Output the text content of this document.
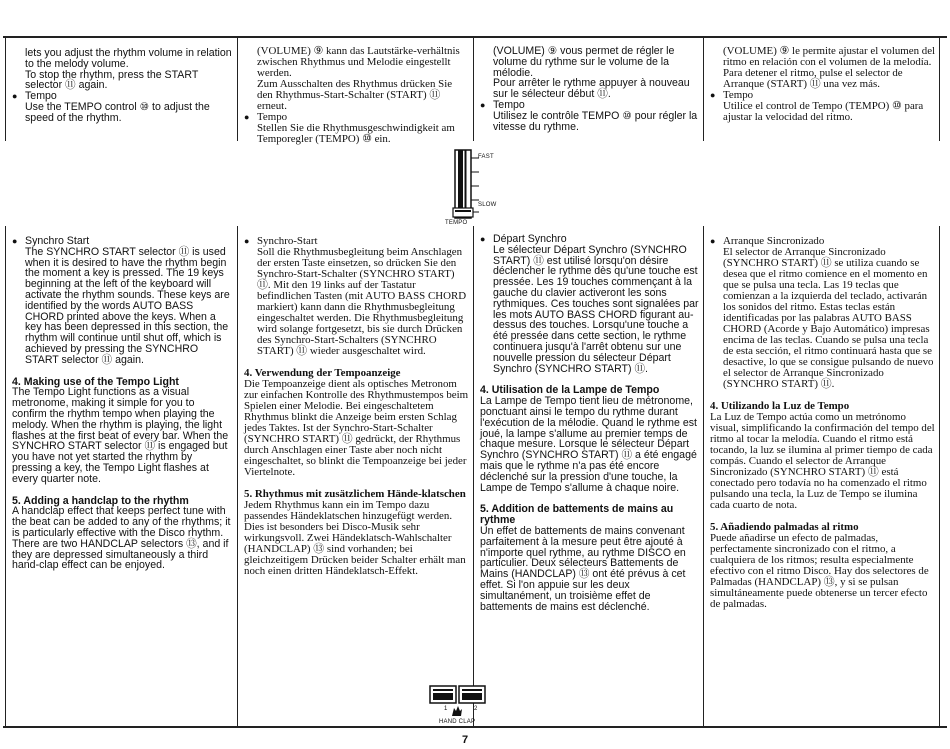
lets you adjust the rhythm volume in relation to the melody volume.
To stop the rhythm, press the START selector ⑪ again.
● Tempo
Use the TEMPO control ⑩ to adjust the speed of the rhythm.
● Synchro Start
The SYNCHRO START selector ⑪ is used when it is desired to have the rhythm begin the moment a key is pressed. The 19 keys beginning at the left of the keyboard will activate the rhythm sounds. These keys are identified by the words AUTO BASS CHORD printed above the keys. When a key has been depressed in this section, the rhythm will continue until shut off, which is achieved by pressing the SYNCHRO START selector ⑪ again.
4. Making use of the Tempo Light
The Tempo Light functions as a visual metronome, making it simple for you to confirm the rhythm tempo when playing the melody. When the rhythm is playing, the light flashes at the first beat of every bar. When the SYNCHRO START selector ⑪ is engaged but you have not yet started the rhythm by pressing a key, the Tempo Light flashes at every quarter note.
5. Adding a handclap to the rhythm
A handclap effect that keeps perfect tune with the beat can be added to any of the rhythms; it is particularly effective with the Disco rhythm. There are two HANDCLAP selectors ⑬, and if they are depressed simultaneously a third hand-clap effect can be enjoyed.
(VOLUME) ⑨ kann das Lautstärke-verhältnis zwischen Rhythmus und Melodie eingestellt werden.
Zum Ausschalten des Rhythmus drücken Sie den Rhythmus-Start-Schalter (START) ⑪ erneut.
● Tempo
Stellen Sie die Rhythmusgeschwindigkeit am Temporegler (TEMPO) ⑩ ein.
● Synchro-Start
Soll die Rhythmusbegleitung beim Anschlagen der ersten Taste einsetzen, so drücken Sie den Synchro-Start-Schalter (SYNCHRO START) ⑪. Mit den 19 links auf der Tastatur befindlichen Tasten (mit AUTO BASS CHORD markiert) kann dann die Rhythmusbegleitung eingeschaltet werden. Die Rhythmusbegleitung wird solange fortgesetzt, bis sie durch Drücken des Synchro-Start-Schalters (SYNCHRO START) ⑪ wieder ausgeschaltet wird.
4. Verwendung der Tempoanzeige
Die Tempoanzeige dient als optisches Metronom zur einfachen Kontrolle des Rhythmustempos beim Spielen einer Melodie. Bei eingeschaltetem Rhythmus blinkt die Anzeige beim ersten Schlag jedes Taktes. Ist der Synchro-Start-Schalter (SYNCHRO START) ⑪ gedrückt, der Rhythmus durch Anschlagen einer Taste aber noch nicht eingeschaltet, so blinkt die Tempoanzeige bei jeder Viertelnote.
5. Rhythmus mit zusätzlichem Hände-klatschen
Jedem Rhythmus kann ein im Tempo dazu passendes Händeklatschen hinzugefügt werden. Dies ist besonders bei Disco-Musik sehr wirkungsvoll. Zwei Händeklatsch-Wahlschalter (HANDCLAP) ⑬ sind vorhanden; bei gleichzeitigem Drücken beider Schalter erhält man noch einen dritten Händeklatsch-Effekt.
(VOLUME) ⑨ vous permet de régler le volume du rythme sur le volume de la mélodie.
Pour arrêter le rythme appuyer à nouveau sur le sélecteur début ⑪.
● Tempo
Utilisez le contrôle TEMPO ⑩ pour régler la vitesse du rythme.
● Départ Synchro
Le sélecteur Départ Synchro (SYNCHRO START) ⑪ est utilisé lorsqu'on désire déclencher le rythme dès qu'une touche est pressée. Les 19 touches commençant à la gauche du clavier activeront les sons rythmiques. Ces touches sont signalées par les mots AUTO BASS CHORD figurant au-dessus des touches. Lorsqu'une touche a été pressée dans cette section, le rythme continuera jusqu'à l'arrêt obtenu sur une nouvelle pression du sélecteur Départ Synchro (SYNCHRO START) ⑪.
4. Utilisation de la Lampe de Tempo
La Lampe de Tempo tient lieu de métronome, ponctuant ainsi le tempo du rythme durant l'exécution de la mélodie. Quand le rythme est joué, la lampe s'allume au premier temps de chaque mesure. Lorsque le sélecteur Départ Synchro (SYNCHRO START) ⑪ a été engagé mais que le rythme n'a pas été encore déclenché sur la pression d'une touche, la Lampe de Tempo s'allume à chaque noire.
5. Addition de battements de mains au rythme
Un effet de battements de mains convenant parfaitement à la mesure peut être ajouté à n'importe quel rythme, au rythme DISCO en particulier. Deux sélecteurs Battements de Mains (HANDCLAP) ⑬ ont été prévus à cet effet. Si l'on appuie sur les deux simultanément, un troisième effet de battements de mains est déclenché.
(VOLUME) ⑨ le permite ajustar el volumen del ritmo en relación con el volumen de la melodía.
Para detener el ritmo, pulse el selector de Arranque (START) ⑪ una vez más.
● Tempo
Utilice el control de Tempo (TEMPO) ⑩ para ajustar la velocidad del ritmo.
● Arranque Sincronizado
El selector de Arranque Sincronizado (SYNCHRO START) ⑪ se utiliza cuando se desea que el ritmo comience en el momento en que se pulsa una tecla. Las 19 teclas que comienzan a la izquierda del teclado, activarán los sonidos del ritmo. Estas teclas están identificadas por las palabras AUTO BASS CHORD (Acorde y Bajo Automático) impresas encima de las teclas. Cuando se pulsa una tecla de esta sección, el ritmo continuará hasta que se desactive, lo que se consigue pulsando de nuevo el selector de Arranque Sincronizado (SYNCHRO START) ⑪.
4. Utilizando la Luz de Tempo
La Luz de Tempo actúa como un metrónomo visual, simplificando la confirmación del tempo del ritmo al tocar la melodía. Cuando el ritmo está tocando, la luz se ilumina al primer tiempo de cada compás. Cuando el selector de Arranque Sincronizado (SYNCHRO START) ⑪ está conectado pero todavía no ha comenzado el ritmo pulsando una tecla, la Luz de Tempo se ilumina cada cuarto de nota.
5. Añadiendo palmadas al ritmo
Puede añadirse un efecto de palmadas, perfectamente sincronizado con el ritmo, a cualquiera de los ritmos; resulta especialmente efectivo con el ritmo Disco. Hay dos selectores de Palmadas (HANDCLAP) ⑬, y si se pulsan simultáneamente puede obtenerse un tercer efecto de palmadas.
FAST
SLOW
TEMPO
1	2
HAND CLAP
7
